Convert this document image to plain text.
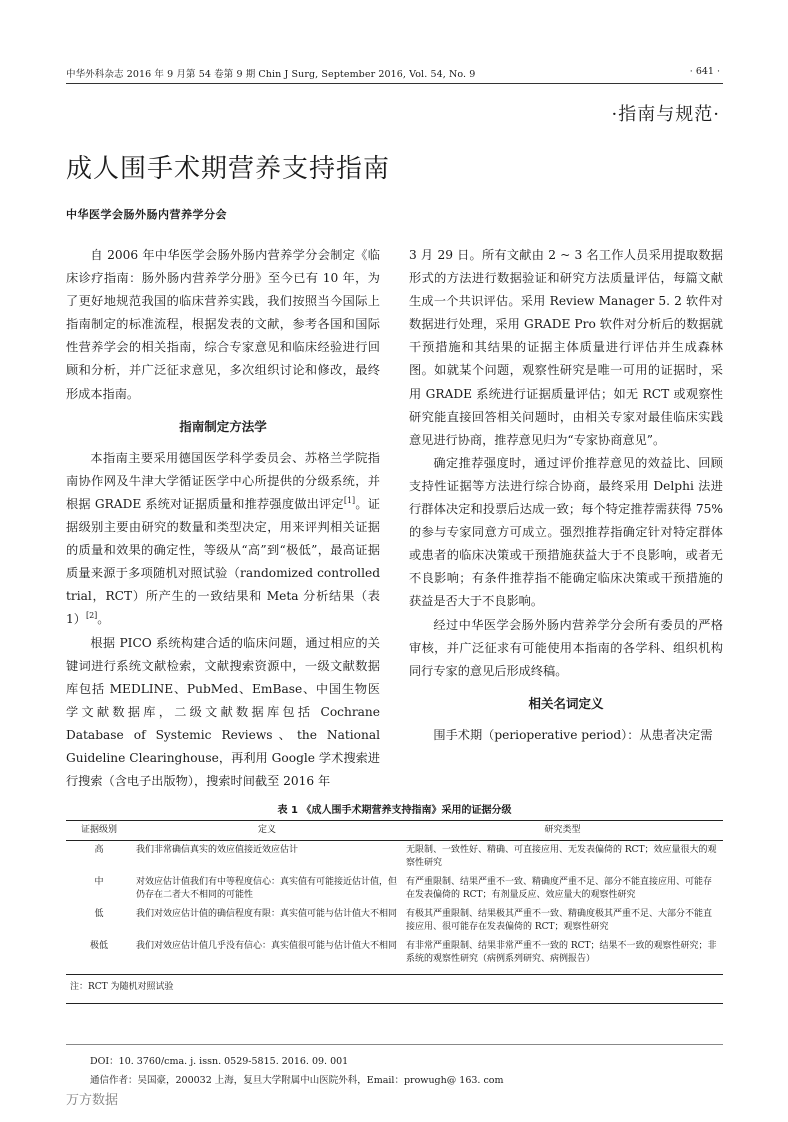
中华外科杂志 2016 年 9 月第 54 卷第 9 期 Chin J Surg, September 2016, Vol. 54, No. 9	· 641 ·
·指南与规范·
成人围手术期营养支持指南
中华医学会肠外肠内营养学分会

自 2006 年中华医学会肠外肠内营养学分会制定《临床诊疗指南：肠外肠内营养学分册》至今已有 10 年，为了更好地规范我国的临床营养实践，我们按照当今国际上指南制定的标准流程，根据发表的文献，参考各国和国际性营养学会的相关指南，综合专家意见和临床经验进行回顾和分析，并广泛征求意见，多次组织讨论和修改，最终形成本指南。

指南制定方法学

本指南主要采用德国医学科学委员会、苏格兰学院指南协作网及牛津大学循证医学中心所提供的分级系统，并根据 GRADE 系统对证据质量和推荐强度做出评定[1]。证据级别主要由研究的数量和类型决定，用来评判相关证据的质量和效果的确定性，等级从“高”到“极低”，最高证据质量来源于多项随机对照试验（randomized controlled trial，RCT）所产生的一致结果和 Meta 分析结果（表 1）[2]。

根据 PICO 系统构建合适的临床问题，通过相应的关键词进行系统文献检索，文献搜索资源中，一级文献数据库包括 MEDLINE、PubMed、EmBase、中国生物医学文献数据库，二级文献数据库包括 Cochrane Database of Systemic Reviews、the National Guideline Clearinghouse，再利用 Google 学术搜索进行搜索（含电子出版物），搜索时间截至 2016 年

3 月 29 日。所有文献由 2 ~ 3 名工作人员采用提取数据形式的方法进行数据验证和研究方法质量评估，每篇文献生成一个共识评估。采用 Review Manager 5. 2 软件对数据进行处理，采用 GRADE Pro 软件对分析后的数据就干预措施和其结果的证据主体质量进行评估并生成森林图。如就某个问题，观察性研究是唯一可用的证据时，采用 GRADE 系统进行证据质量评估；如无 RCT 或观察性研究能直接回答相关问题时，由相关专家对最佳临床实践意见进行协商，推荐意见归为“专家协商意见”。

确定推荐强度时，通过评价推荐意见的效益比、回顾支持性证据等方法进行综合协商，最终采用 Delphi 法进行群体决定和投票后达成一致；每个特定推荐需获得 75% 的参与专家同意方可成立。强烈推荐指确定针对特定群体或患者的临床决策或干预措施获益大于不良影响，或者无不良影响；有条件推荐指不能确定临床决策或干预措施的获益是否大于不良影响。

经过中华医学会肠外肠内营养学分会所有委员的严格审核，并广泛征求有可能使用本指南的各学科、组织机构同行专家的意见后形成终稿。

相关名词定义

围手术期（perioperative period）：从患者决定需

表 1 《成人围手术期营养支持指南》采用的证据分级
证据级别	定义	研究类型
高	我们非常确信真实的效应值接近效应估计	无限制、一致性好、精确、可直接应用、无发表偏倚的 RCT；效应量很大的观察性研究
中	对效应估计值我们有中等程度信心：真实值有可能接近估计值，但仍存在二者大不相同的可能性	有严重限制、结果严重不一致、精确度严重不足、部分不能直接应用、可能存在发表偏倚的 RCT；有剂量反应、效应量大的观察性研究
低	我们对效应估计值的确信程度有限：真实值可能与估计值大不相同	有极其严重限制、结果极其严重不一致、精确度极其严重不足、大部分不能直接应用、很可能存在发表偏倚的 RCT；观察性研究
极低	我们对效应估计值几乎没有信心：真实值很可能与估计值大不相同	有非常严重限制、结果非常严重不一致的 RCT；结果不一致的观察性研究；非系统的观察性研究（病例系列研究、病例报告）
注：RCT 为随机对照试验		
DOI：10. 3760/cma. j. issn. 0529-5815. 2016. 09. 001
通信作者：吴国豪，200032 上海，复旦大学附属中山医院外科，Email：prowugh@ 163. com
万方数据
